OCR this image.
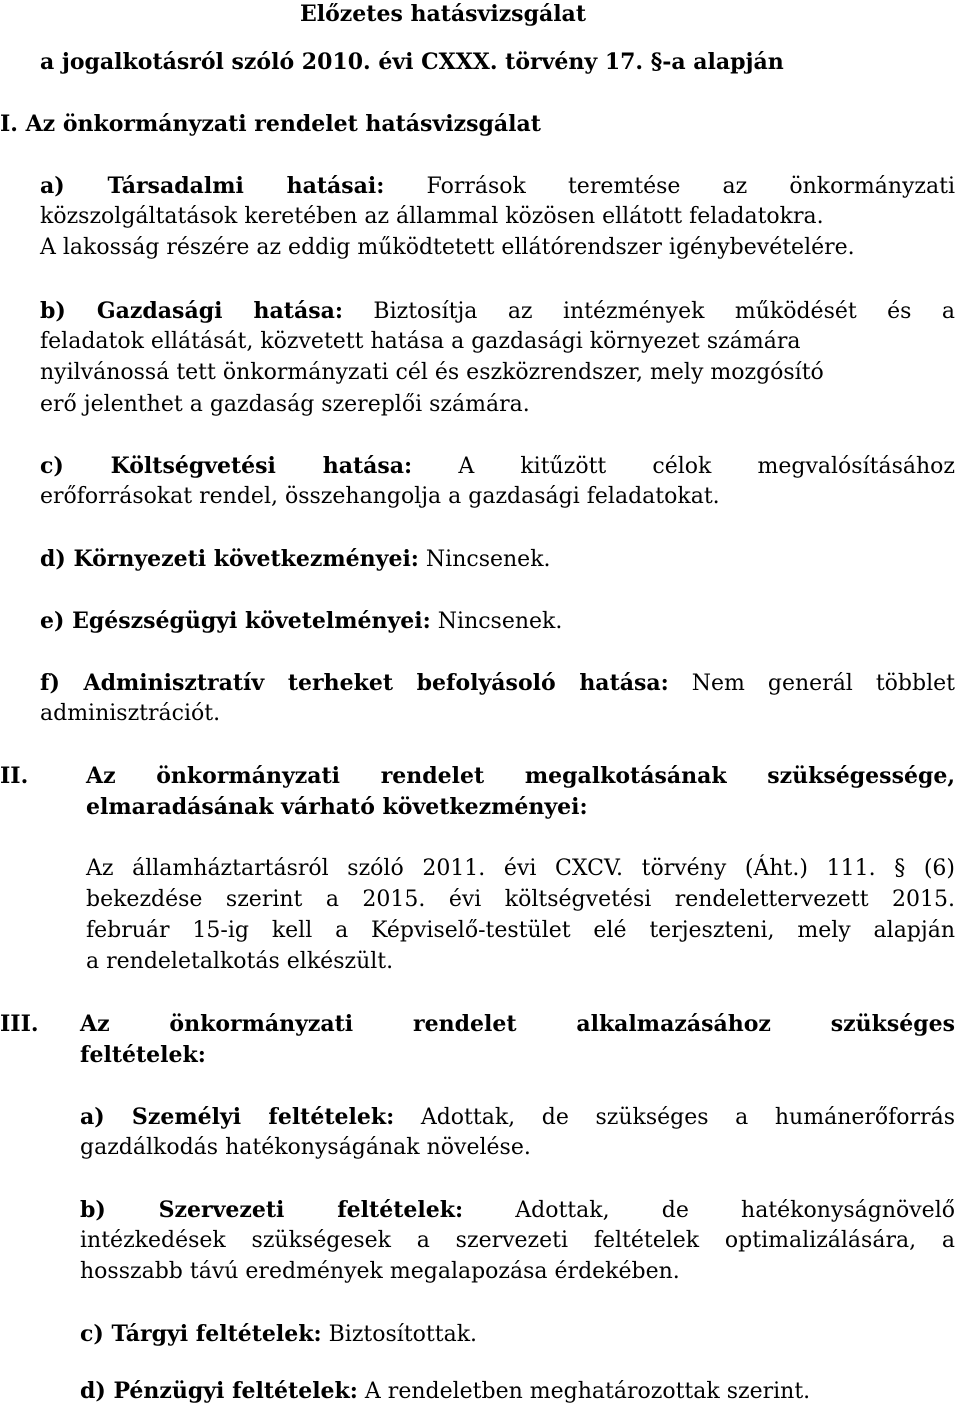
Előzetes hatásvizsgálat
a jogalkotásról szóló 2010. évi CXXX. törvény 17. §-a alapján
I. Az önkormányzati rendelet hatásvizsgálat
a) Társadalmi hatásai: Források teremtése az önkormányzati
közszolgáltatások keretében az állammal közösen ellátott feladatokra.
A lakosság részére az eddig működtetett ellátórendszer igénybevételére.
b) Gazdasági hatása: Biztosítja az intézmények működését és a
feladatok ellátását, közvetett hatása a gazdasági környezet számára
nyilvánossá tett önkormányzati cél és eszközrendszer, mely mozgósító
erő jelenthet a gazdaság szereplői számára.
c) Költségvetési hatása: A kitűzött célok megvalósításához
erőforrásokat rendel, összehangolja a gazdasági feladatokat.
d) Környezeti következményei: Nincsenek.
e) Egészségügyi követelményei: Nincsenek.
f) Adminisztratív terheket befolyásoló hatása: Nem generál többlet
adminisztrációt.
II.	Az önkormányzati rendelet megalkotásának szükségessége,
elmaradásának várható következményei:
Az államháztartásról szóló 2011. évi CXCV. törvény (Áht.) 111. § (6)
bekezdése szerint a 2015. évi költségvetési rendelettervezett 2015.
február 15-ig kell a Képviselő-testület elé terjeszteni, mely alapján
a rendeletalkotás elkészült.
III. Az önkormányzati rendelet alkalmazásához szükséges
feltételek:
a) Személyi feltételek: Adottak, de szükséges a humánerőforrás
gazdálkodás hatékonyságának növelése.
b) Szervezeti feltételek: Adottak, de hatékonyságnövelő
intézkedések szükségesek a szervezeti feltételek optimalizálására, a
hosszabb távú eredmények megalapozása érdekében.
c) Tárgyi feltételek: Biztosítottak.
d) Pénzügyi feltételek: A rendeletben meghatározottak szerint.
